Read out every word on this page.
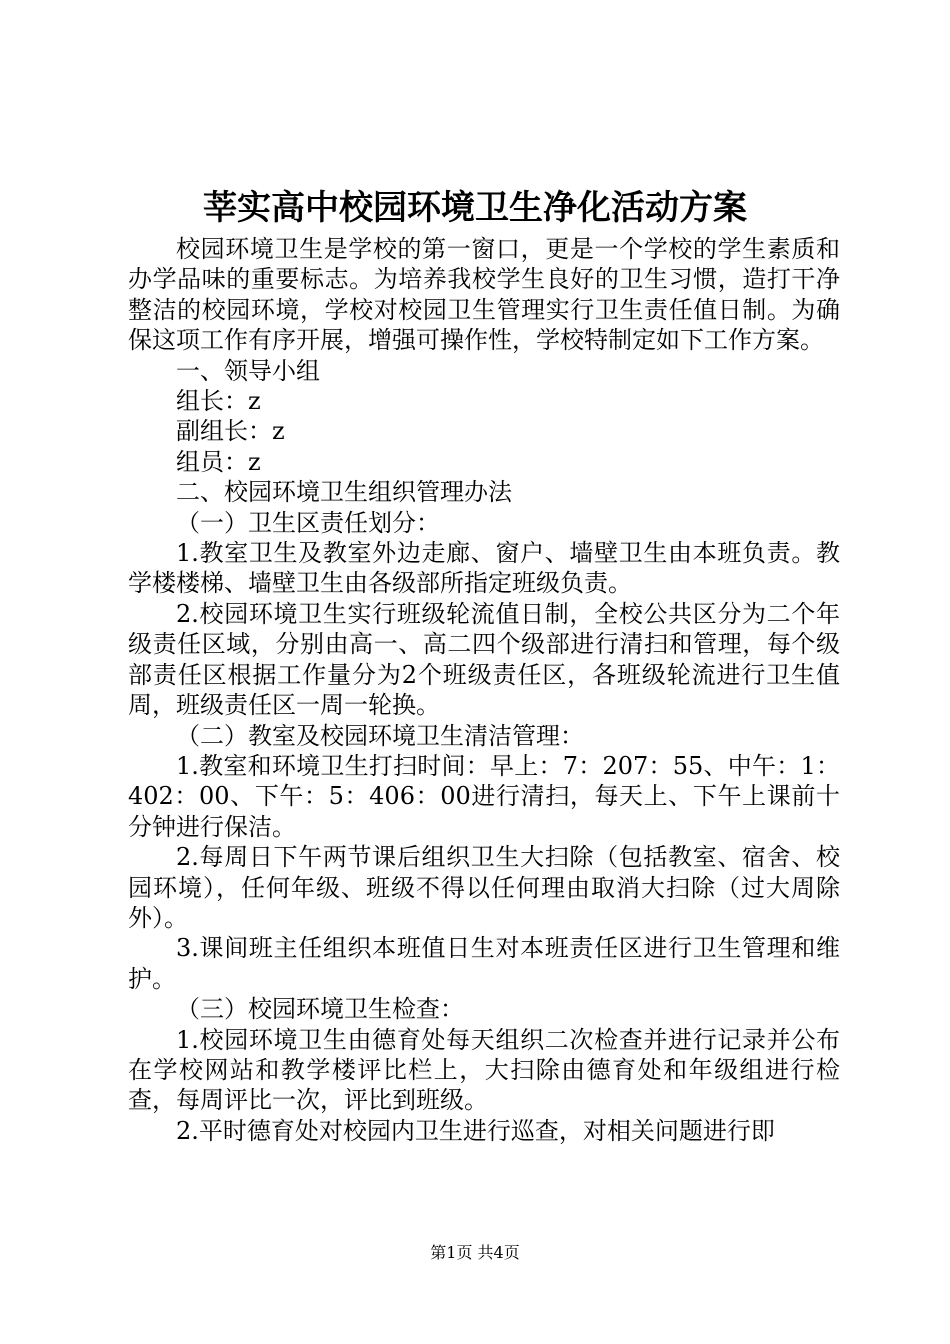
莘实高中校园环境卫生净化活动方案

校园环境卫生是学校的第一窗口，更是一个学校的学生素质和办学品味的重要标志。为培养我校学生良好的卫生习惯，造打干净整洁的校园环境，学校对校园卫生管理实行卫生责任值日制。为确保这项工作有序开展，增强可操作性，学校特制定如下工作方案。

一、领导小组

组长：z

副组长：z

组员：z

二、校园环境卫生组织管理办法

（一）卫生区责任划分：

1.教室卫生及教室外边走廊、窗户、墙壁卫生由本班负责。教学楼楼梯、墙壁卫生由各级部所指定班级负责。

2.校园环境卫生实行班级轮流值日制，全校公共区分为二个年级责任区域，分别由高一、高二四个级部进行清扫和管理，每个级部责任区根据工作量分为2个班级责任区，各班级轮流进行卫生值周，班级责任区一周一轮换。

（二）教室及校园环境卫生清洁管理：

1.教室和环境卫生打扫时间：早上：7：207：55、中午：1：402：00、下午：5：406：00进行清扫，每天上、下午上课前十分钟进行保洁。

2.每周日下午两节课后组织卫生大扫除（包括教室、宿舍、校园环境），任何年级、班级不得以任何理由取消大扫除（过大周除外）。

3.课间班主任组织本班值日生对本班责任区进行卫生管理和维护。

（三）校园环境卫生检查：

1.校园环境卫生由德育处每天组织二次检查并进行记录并公布在学校网站和教学楼评比栏上，大扫除由德育处和年级组进行检查，每周评比一次，评比到班级。

2.平时德育处对校园内卫生进行巡查，对相关问题进行即

第1页 共4页
